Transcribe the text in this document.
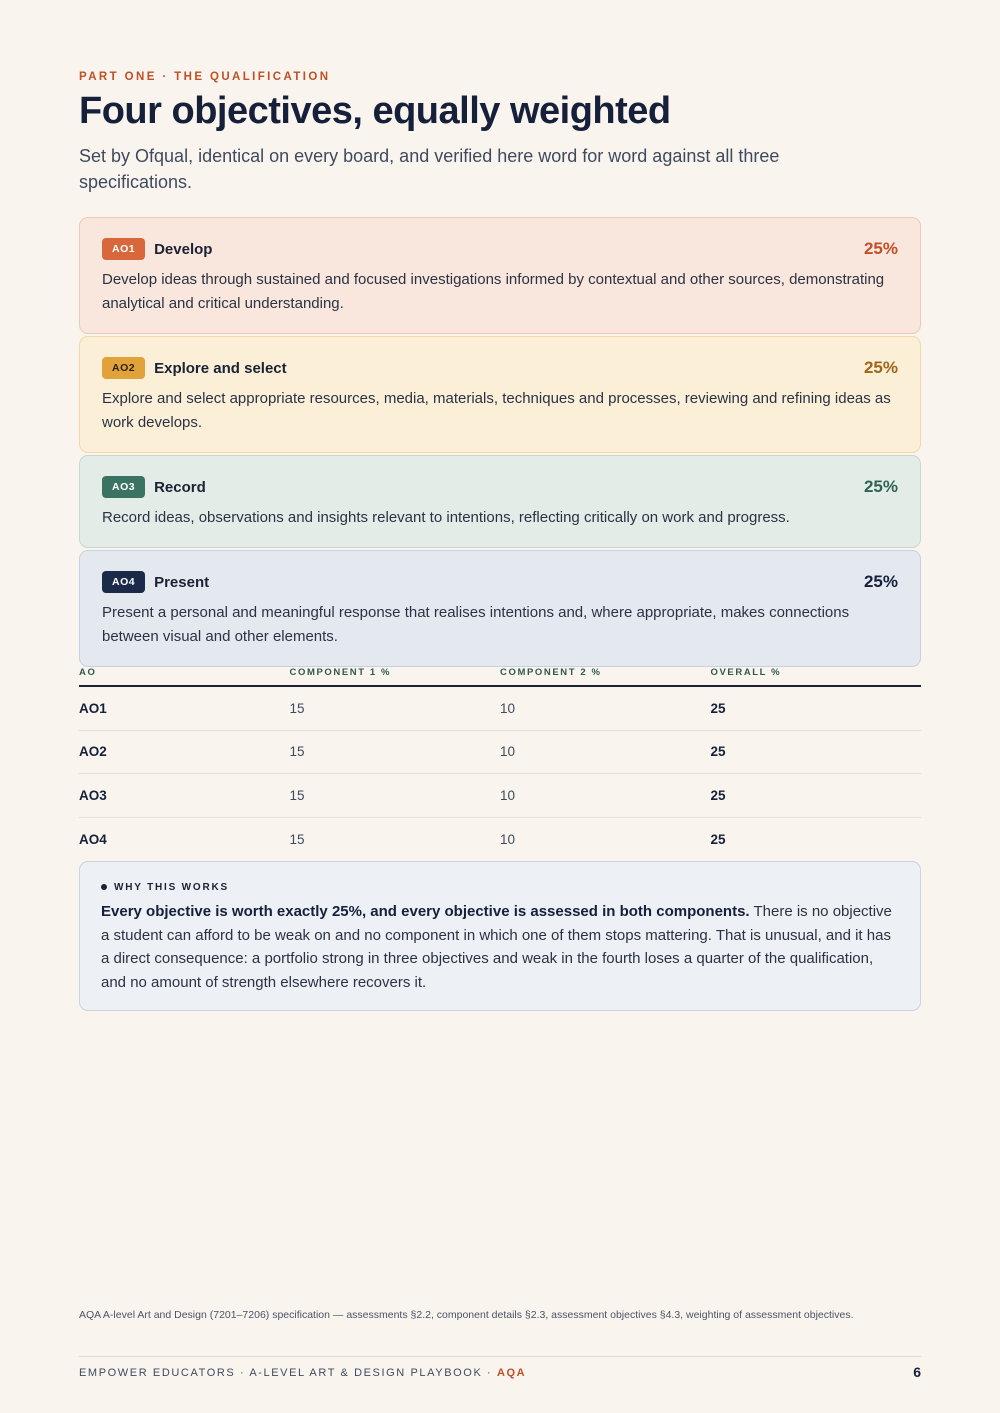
PART ONE · THE QUALIFICATION
Four objectives, equally weighted

Set by Ofqual, identical on every board, and verified here word for word against all three specifications.

AO1	Develop	25%

Develop ideas through sustained and focused investigations informed by contextual and other sources, demonstrating analytical and critical understanding.

AO2	Explore and select	25%

Explore and select appropriate resources, media, materials, techniques and processes, reviewing and refining ideas as work develops.

AO3	Record	25%

Record ideas, observations and insights relevant to intentions, reflecting critically on work and progress.

AO4	Present	25%

Present a personal and meaningful response that realises intentions and, where appropriate, makes connections between visual and other elements.

AO	COMPONENT 1 %	COMPONENT 2 %	OVERALL %
AO1	15	10	25
AO2	15	10	25
AO3	15	10	25
AO4	15	10	25
WHY THIS WORKS

Every objective is worth exactly 25%, and every objective is assessed in both components. There is no objective a student can afford to be weak on and no component in which one of them stops mattering. That is unusual, and it has a direct consequence: a portfolio strong in three objectives and weak in the fourth loses a quarter of the qualification, and no amount of strength elsewhere recovers it.

AQA A-level Art and Design (7201–7206) specification — assessments §2.2, component details §2.3, assessment objectives §4.3, weighting of assessment objectives.

EMPOWER EDUCATORS · A-LEVEL ART & DESIGN PLAYBOOK · AQA	6
